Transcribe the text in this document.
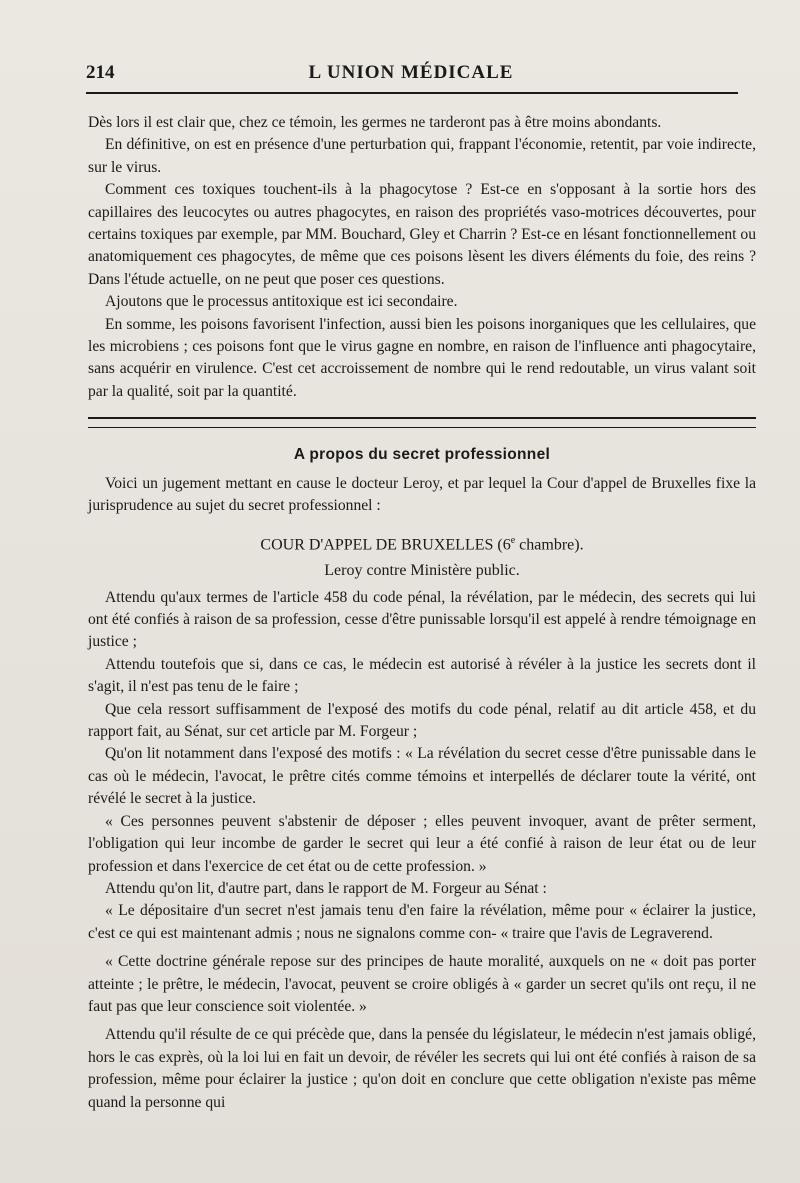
214	L UNION MÉDICALE

Dès lors il est clair que, chez ce témoin, les germes ne tarderont pas à être moins abondants.

En définitive, on est en présence d'une perturbation qui, frappant l'économie, retentit, par voie indirecte, sur le virus.

Comment ces toxiques touchent-ils à la phagocytose ? Est-ce en s'opposant à la sortie hors des capillaires des leucocytes ou autres phagocytes, en raison des propriétés vaso-motrices découvertes, pour certains toxiques par exemple, par MM. Bouchard, Gley et Charrin ? Est-ce en lésant fonctionnellement ou anatomiquement ces phagocytes, de même que ces poisons lèsent les divers éléments du foie, des reins ? Dans l'étude actuelle, on ne peut que poser ces questions.

Ajoutons que le processus antitoxique est ici secondaire.

En somme, les poisons favorisent l'infection, aussi bien les poisons inorganiques que les cellulaires, que les microbiens ; ces poisons font que le virus gagne en nombre, en raison de l'influence anti phagocytaire, sans acquérir en virulence. C'est cet accroissement de nombre qui le rend redoutable, un virus valant soit par la qualité, soit par la quantité.

A propos du secret professionnel

Voici un jugement mettant en cause le docteur Leroy, et par lequel la Cour d'appel de Bruxelles fixe la jurisprudence au sujet du secret professionnel :

COUR D'APPEL DE BRUXELLES (6e chambre).
Leroy contre Ministère public.

Attendu qu'aux termes de l'article 458 du code pénal, la révélation, par le médecin, des secrets qui lui ont été confiés à raison de sa profession, cesse d'être punissable lorsqu'il est appelé à rendre témoignage en justice ;

Attendu toutefois que si, dans ce cas, le médecin est autorisé à révéler à la justice les secrets dont il s'agit, il n'est pas tenu de le faire ;

Que cela ressort suffisamment de l'exposé des motifs du code pénal, relatif au dit article 458, et du rapport fait, au Sénat, sur cet article par M. Forgeur ;

Qu'on lit notamment dans l'exposé des motifs : « La révélation du secret cesse d'être punissable dans le cas où le médecin, l'avocat, le prêtre cités comme témoins et interpellés de déclarer toute la vérité, ont révélé le secret à la justice.

« Ces personnes peuvent s'abstenir de déposer ; elles peuvent invoquer, avant de prêter serment, l'obligation qui leur incombe de garder le secret qui leur a été confié à raison de leur état ou de leur profession et dans l'exercice de cet état ou de cette profession. »

Attendu qu'on lit, d'autre part, dans le rapport de M. Forgeur au Sénat :

« Le dépositaire d'un secret n'est jamais tenu d'en faire la révélation, même pour « éclairer la justice, c'est ce qui est maintenant admis ; nous ne signalons comme con- « traire que l'avis de Legraverend.

« Cette doctrine générale repose sur des principes de haute moralité, auxquels on ne « doit pas porter atteinte ; le prêtre, le médecin, l'avocat, peuvent se croire obligés à « garder un secret qu'ils ont reçu, il ne faut pas que leur conscience soit violentée. »

Attendu qu'il résulte de ce qui précède que, dans la pensée du législateur, le médecin n'est jamais obligé, hors le cas exprès, où la loi lui en fait un devoir, de révéler les secrets qui lui ont été confiés à raison de sa profession, même pour éclairer la justice ; qu'on doit en conclure que cette obligation n'existe pas même quand la personne qui
